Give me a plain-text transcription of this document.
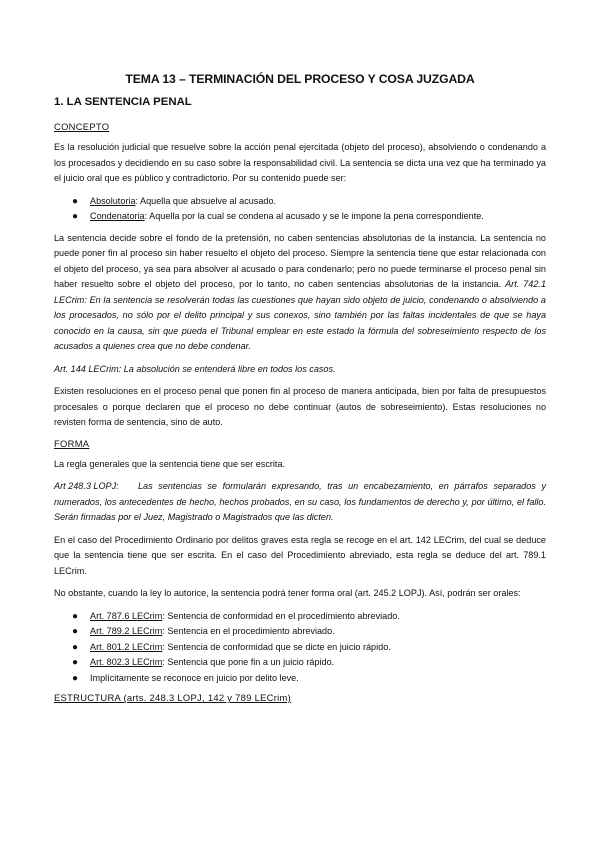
TEMA 13 – TERMINACIÓN DEL PROCESO Y COSA JUZGADA
1. LA SENTENCIA PENAL
CONCEPTO

Es la resolución judicial que resuelve sobre la acción penal ejercitada (objeto del proceso), absolviendo o condenando a los procesados y decidiendo en su caso sobre la responsabilidad civil. La sentencia se dicta una vez que ha terminado ya el juicio oral que es público y contradictorio. Por su contenido puede ser:

● Absolutoria: Aquella que absuelve al acusado.
● Condenatoria: Aquella por la cual se condena al acusado y se le impone la pena correspondiente.

La sentencia decide sobre el fondo de la pretensión, no caben sentencias absolutorias de la instancia. La sentencia no puede poner fin al proceso sin haber resuelto el objeto del proceso. Siempre la sentencia tiene que estar relacionada con el objeto del proceso, ya sea para absolver al acusado o para condenarlo; pero no puede terminarse el proceso penal sin haber resuelto sobre el objeto del proceso, por lo tanto, no caben sentencias absolutorias de la instancia. Art. 742.1 LECrim: En la sentencia se resolverán todas las cuestiones que hayan sido objeto de juicio, condenando o absolviendo a los procesados, no sólo por el delito principal y sus conexos, sino también por las faltas incidentales de que se haya conocido en la causa, sin que pueda el Tribunal emplear en este estado la fórmula del sobreseimiento respecto de los acusados a quienes crea que no debe condenar.

Art. 144 LECrim: La absolución se entenderá libre en todos los casos.

Existen resoluciones en el proceso penal que ponen fin al proceso de manera anticipada, bien por falta de presupuestos procesales o porque declaren que el proceso no debe continuar (autos de sobreseimiento). Estas resoluciones no revisten forma de sentencia, sino de auto.

FORMA

La regla generales que la sentencia tiene que ser escrita.

Art 248.3 LOPJ: Las sentencias se formularán expresando, tras un encabezamiento, en párrafos separados y numerados, los antecedentes de hecho, hechos probados, en su caso, los fundamentos de derecho y, por último, el fallo. Serán firmadas por el Juez, Magistrado o Magistrados que las dicten.

En el caso del Procedimiento Ordinario por delitos graves esta regla se recoge en el art. 142 LECrim, del cual se deduce que la sentencia tiene que ser escrita. En el caso del Procedimiento abreviado, esta regla se deduce del art. 789.1 LECrim.

No obstante, cuando la ley lo autorice, la sentencia podrá tener forma oral (art. 245.2 LOPJ). Así, podrán ser orales:

● Art. 787.6 LECrim: Sentencia de conformidad en el procedimiento abreviado.
● Art. 789.2 LECrim: Sentencia en el procedimiento abreviado.
● Art. 801.2 LECrim: Sentencia de conformidad que se dicte en juicio rápido.
● Art. 802.3 LECrim: Sentencia que pone fin a un juicio rápido.
● Implícitamente se reconoce en juicio por delito leve.
ESTRUCTURA (arts. 248.3 LOPJ, 142 y 789 LECrim)
